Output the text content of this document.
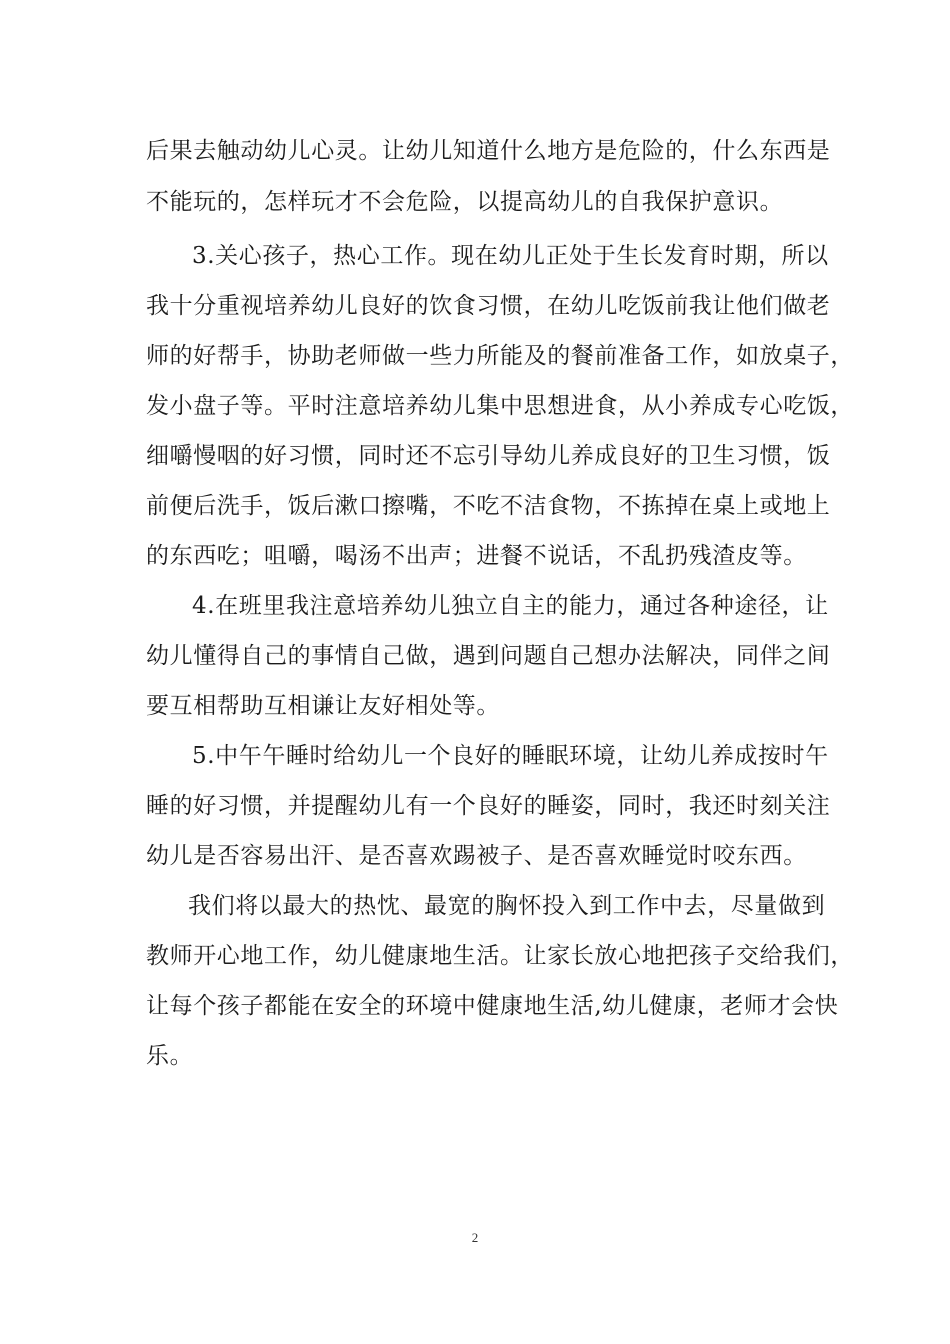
后果去触动幼儿心灵。让幼儿知道什么地方是危险的，什么东西是
不能玩的，怎样玩才不会危险，以提高幼儿的自我保护意识。
3.关心孩子，热心工作。现在幼儿正处于生长发育时期，所以
我十分重视培养幼儿良好的饮食习惯，在幼儿吃饭前我让他们做老
师的好帮手，协助老师做一些力所能及的餐前准备工作，如放桌子，
发小盘子等。平时注意培养幼儿集中思想进食，从小养成专心吃饭，
细嚼慢咽的好习惯，同时还不忘引导幼儿养成良好的卫生习惯，饭
前便后洗手，饭后漱口擦嘴，不吃不洁食物，不拣掉在桌上或地上
的东西吃；咀嚼，喝汤不出声；进餐不说话，不乱扔残渣皮等。
4.在班里我注意培养幼儿独立自主的能力，通过各种途径，让
幼儿懂得自己的事情自己做，遇到问题自己想办法解决，同伴之间
要互相帮助互相谦让友好相处等。
5.中午午睡时给幼儿一个良好的睡眠环境，让幼儿养成按时午
睡的好习惯，并提醒幼儿有一个良好的睡姿，同时，我还时刻关注
幼儿是否容易出汗、是否喜欢踢被子、是否喜欢睡觉时咬东西。
我们将以最大的热忱、最宽的胸怀投入到工作中去，尽量做到
教师开心地工作，幼儿健康地生活。让家长放心地把孩子交给我们，
让每个孩子都能在安全的环境中健康地生活,幼儿健康，老师才会快
乐。
2
